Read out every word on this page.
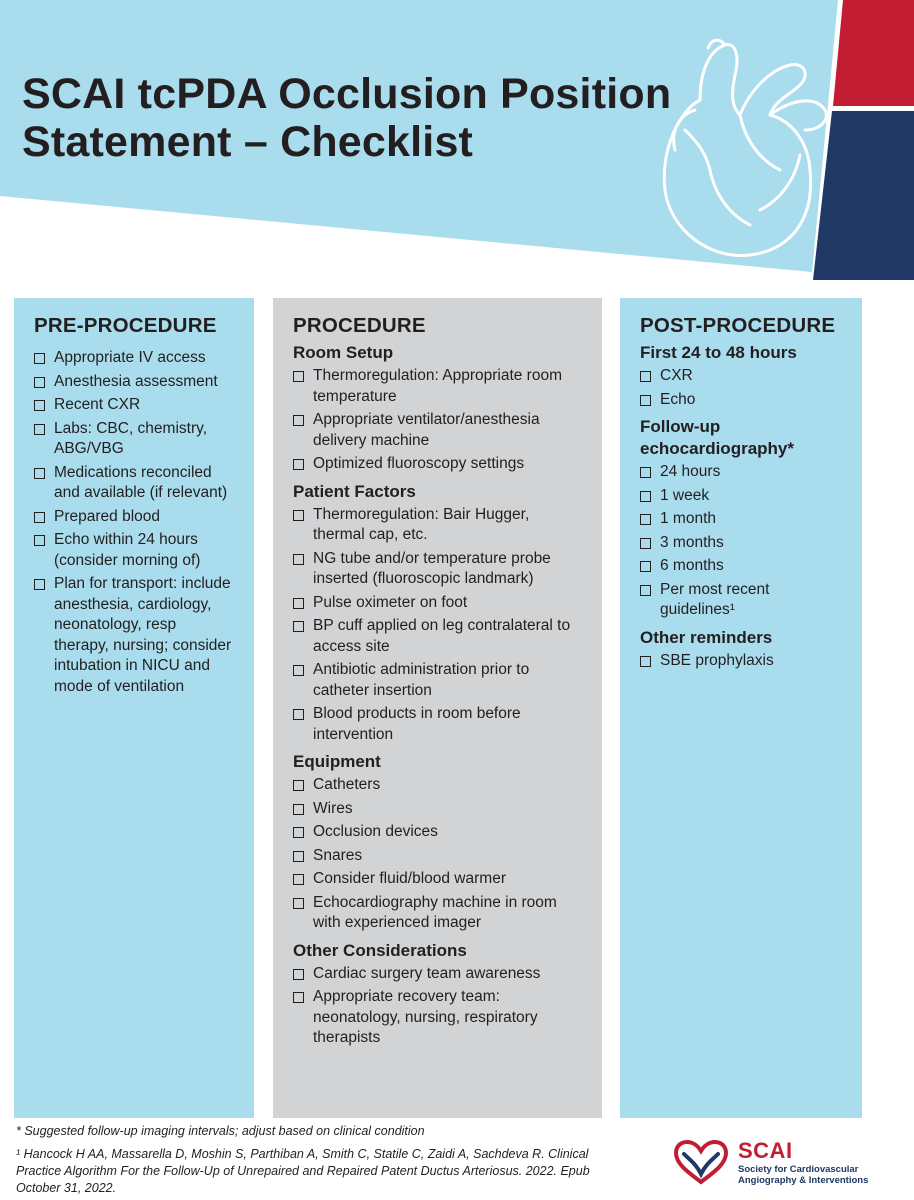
SCAI tcPDA Occlusion Position
Statement – Checklist
PRE-PROCEDURE
Appropriate IV access
Anesthesia assessment
Recent CXR
Labs: CBC, chemistry, ABG/VBG
Medications reconciled and available (if relevant)
Prepared blood
Echo within 24 hours (consider morning of)
Plan for transport: include anesthesia, cardiology, neonatology, resp therapy, nursing; consider intubation in NICU and mode of ventilation
PROCEDURE
Room Setup
Thermoregulation: Appropriate room temperature
Appropriate ventilator/anesthesia delivery machine
Optimized fluoroscopy settings
Patient Factors
Thermoregulation: Bair Hugger, thermal cap, etc.
NG tube and/or temperature probe inserted (fluoroscopic landmark)
Pulse oximeter on foot
BP cuff applied on leg contralateral to access site
Antibiotic administration prior to catheter insertion
Blood products in room before intervention
Equipment
Catheters
Wires
Occlusion devices
Snares
Consider fluid/blood warmer
Echocardiography machine in room with experienced imager
Other Considerations
Cardiac surgery team awareness
Appropriate recovery team: neonatology, nursing, respiratory therapists
POST-PROCEDURE
First 24 to 48 hours
CXR
Echo
Follow-up echocardiography*
24 hours
1 week
1 month
3 months
6 months
Per most recent guidelines¹
Other reminders
SBE prophylaxis
* Suggested follow-up imaging intervals; adjust based on clinical condition
¹ Hancock H AA, Massarella D, Moshin S, Parthiban A, Smith C, Statile C, Zaidi A, Sachdeva R. Clinical Practice Algorithm For the Follow-Up of Unrepaired and Repaired Patent Ductus Arteriosus. 2022. Epub October 31, 2022.
SCAI
Society for Cardiovascular
Angiography & Interventions
